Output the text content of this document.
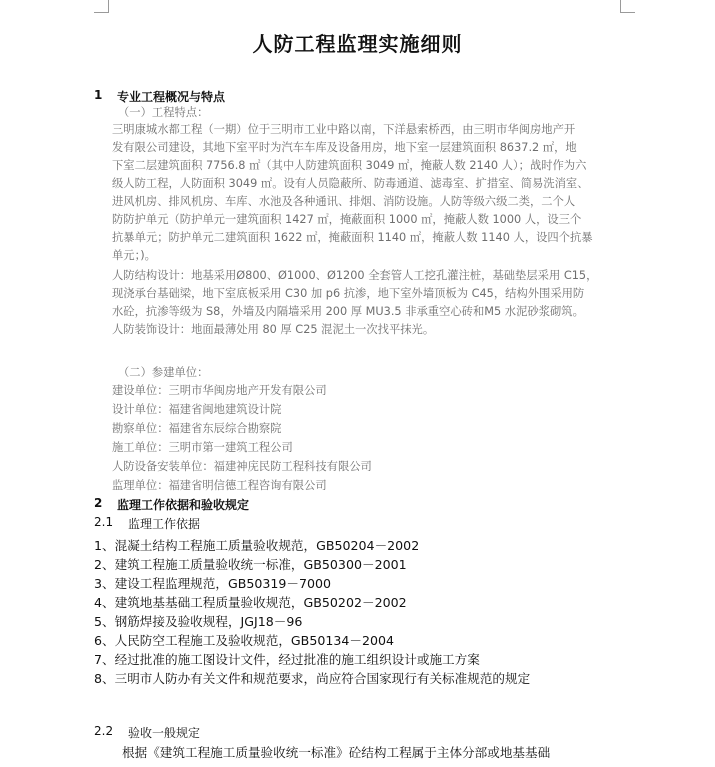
人防工程监理实施细则
1 专业工程概况与特点
（一）工程特点：
三明康城水都工程（一期）位于三明市工业中路以南，下洋悬索桥西，由三明市华闽房地产开
发有限公司建设，其地下室平时为汽车车库及设备用房，地下室一层建筑面积 8637.2 ㎡，地
下室二层建筑面积 7756.8 ㎡（其中人防建筑面积 3049 ㎡，掩蔽人数 2140 人）；战时作为六
级人防工程，人防面积 3049 ㎡。设有人员隐蔽所、防毒通道、滤毒室、扩措室、简易洗消室、
进风机房、排风机房、车库、水池及各种通讯、排烟、消防设施。人防等级六级二类，二个人
防防护单元（防护单元一建筑面积 1427 ㎡，掩蔽面积 1000 ㎡，掩蔽人数 1000 人，设三个
抗暴单元；防护单元二建筑面积 1622 ㎡，掩蔽面积 1140 ㎡，掩蔽人数 1140 人，设四个抗暴
单元；)。
人防结构设计：地基采用Ø800、Ø1000、Ø1200 全套管人工挖孔灌注桩，基础垫层采用 C15，
现浇承台基础梁，地下室底板采用 C30 加 p6 抗渗，地下室外墙顶板为 C45，结构外围采用防
水砼，抗渗等级为 S8，外墙及内隔墙采用 200 厚 MU3.5 非承重空心砖和M5 水泥砂浆砌筑。
人防装饰设计：地面最薄处用 80 厚 C25 混泥土一次找平抹光。
（二）参建单位：
建设单位：三明市华闽房地产开发有限公司
设计单位：福建省闽地建筑设计院
勘察单位：福建省东辰综合勘察院
施工单位：三明市第一建筑工程公司
人防设备安装单位：福建神庑民防工程科技有限公司
监理单位：福建省明信德工程咨询有限公司
2 监理工作依据和验收规定
2.1 监理工作依据
1、混凝土结构工程施工质量验收规范，GB50204－2002
2、建筑工程施工质量验收统一标准，GB50300－2001
3、建设工程监理规范，GB50319－7000
4、建筑地基基础工程质量验收规范，GB50202－2002
5、钢筋焊接及验收规程，JGJ18－96
6、人民防空工程施工及验收规范，GB50134－2004
7、经过批准的施工图设计文件，经过批准的施工组织设计或施工方案
8、三明市人防办有关文件和规范要求，尚应符合国家现行有关标准规范的规定
2.2 验收一般规定
根据《建筑工程施工质量验收统一标准》砼结构工程属于主体分部或地基基础
